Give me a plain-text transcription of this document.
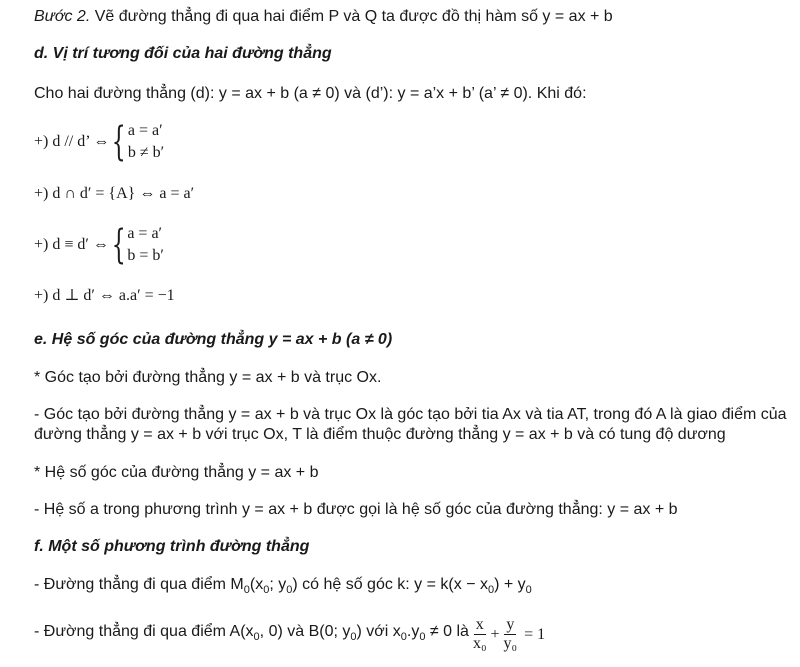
Bước 2. Vẽ đường thẳng đi qua hai điểm P và Q ta được đồ thị hàm số y = ax + b
d. Vị trí tương đối của hai đường thẳng
Cho hai đường thẳng (d): y = ax + b (a ≠ 0) và (d’): y = a’x + b’ (a’ ≠ 0). Khi đó:
+) d // d’ ⇔ { a = a′
b ≠ b′
+) d ∩ d′ = {A} ⇔ a = a′
+) d ≡ d′ ⇔ { a = a′
b = b′
+) d ⊥ d′ ⇔ a.a′ = −1
e. Hệ số góc của đường thẳng y = ax + b (a ≠ 0)
* Góc tạo bởi đường thẳng y = ax + b và trục Ox.
- Góc tạo bởi đường thẳng y = ax + b và trục Ox là góc tạo bởi tia Ax và tia AT, trong đó A là giao điểm của
đường thẳng y = ax + b với trục Ox, T là điểm thuộc đường thẳng y = ax + b và có tung độ dương
* Hệ số góc của đường thẳng y = ax + b
- Hệ số a trong phương trình y = ax + b được gọi là hệ số góc của đường thẳng: y = ax + b
f. Một số phương trình đường thẳng
- Đường thẳng đi qua điểm $M_0(x_0$; $y_0$) có hệ số góc k: $y = k(x - x_0) + y_0$
- Đường thẳng đi qua điểm $A(x_0$, 0) và B(0; $y_0$) với $x_0.y_0 \ne 0$ là $\frac{x}{\text{x₀}} + \frac{y}{\text{y₀}} = 1$
